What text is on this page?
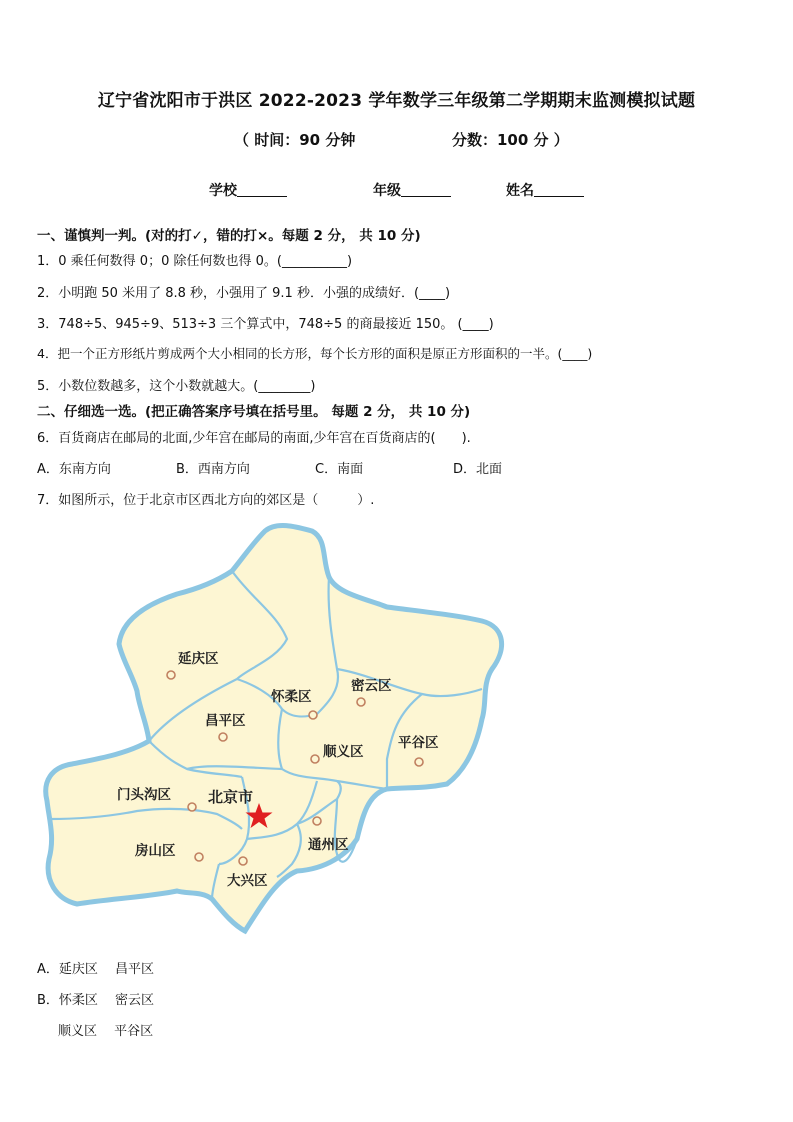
辽宁省沈阳市于洪区 2022-2023 学年数学三年级第二学期期末监测模拟试题
（ 时间：90 分钟	分数：100 分 ）
学校	年级	姓名
一、谨慎判一判。(对的打✓，错的打×。每题 2 分， 共 10 分)
1．0 乘任何数得 0；0 除任何数也得 0。(__________)
2．小明跑 50 米用了 8.8 秒，小强用了 9.1 秒．小强的成绩好．(____)
3．748÷5、945÷9、513÷3 三个算式中，748÷5 的商最接近 150。 (____)
4．把一个正方形纸片剪成两个大小相同的长方形，每个长方形的面积是原正方形面积的一半。(____)
5．小数位数越多，这个小数就越大。(________)
二、仔细选一选。(把正确答案序号填在括号里。 每题 2 分， 共 10 分)
6．百货商店在邮局的北面,少年宫在邮局的南面,少年宫在百货商店的(　　).
A．东南方向	B．西南方向	C．南面	D．北面
7．如图所示，位于北京市区西北方向的郊区是（　　　）.
延庆区
怀柔区
密云区
昌平区
顺义区
平谷区
门头沟区 北京市
房山区	通州区
大兴区
A．延庆区　 昌平区
B．怀柔区　 密云区
顺义区　 平谷区
